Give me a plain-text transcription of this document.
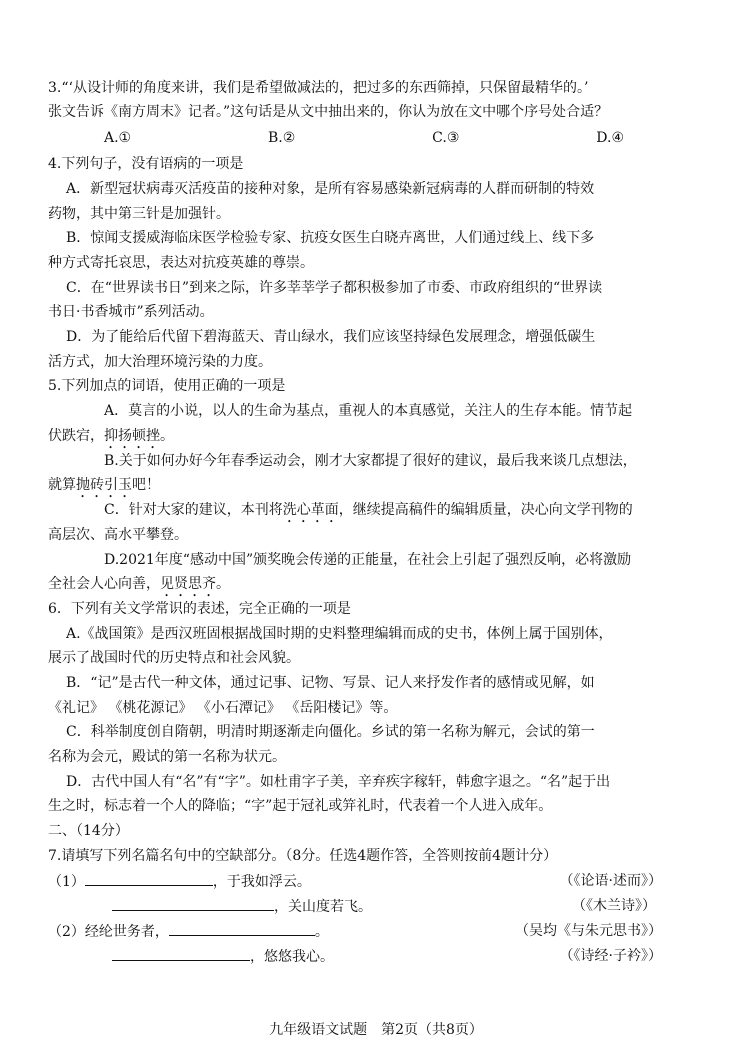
3.“‘从设计师的角度来讲，我们是希望做减法的，把过多的东西筛掉，只保留最精华的。’
张文告诉《南方周末》记者。”这句话是从文中抽出来的，你认为放在文中哪个序号处合适？
A.①	B.②	C.③	D.④
4.下列句子，没有语病的一项是
A．新型冠状病毒灭活疫苗的接种对象，是所有容易感染新冠病毒的人群而研制的特效
药物，其中第三针是加强针。
B．惊闻支援威海临床医学检验专家、抗疫女医生白晓卉离世，人们通过线上、线下多
种方式寄托哀思，表达对抗疫英雄的尊崇。
C．在“世界读书日”到来之际，许多莘莘学子都积极参加了市委、市政府组织的“世界读
书日·书香城市”系列活动。
D．为了能给后代留下碧海蓝天、青山绿水，我们应该坚持绿色发展理念，增强低碳生
活方式，加大治理环境污染的力度。
5.下列加点的词语，使用正确的一项是
A．莫言的小说，以人的生命为基点，重视人的本真感觉，关注人的生存本能。情节起
伏跌宕，抑扬顿挫。
B.关于如何办好今年春季运动会，刚才大家都提了很好的建议，最后我来谈几点想法，
就算抛砖引玉吧！
C．针对大家的建议，本刊将洗心革面，继续提高稿件的编辑质量，决心向文学刊物的
高层次、高水平攀登。
D.2021年度“感动中国”颁奖晚会传递的正能量，在社会上引起了强烈反响，必将激励
全社会人心向善，见贤思齐。
6．下列有关文学常识的表述，完全正确的一项是
A.《战国策》是西汉班固根据战国时期的史料整理编辑而成的史书，体例上属于国别体，
展示了战国时代的历史特点和社会风貌。
B．“记”是古代一种文体，通过记事、记物、写景、记人来抒发作者的感情或见解，如
《礼记》 《桃花源记》 《小石潭记》 《岳阳楼记》等。
C．科举制度创自隋朝，明清时期逐渐走向僵化。乡试的第一名称为解元，会试的第一
名称为会元，殿试的第一名称为状元。
D．古代中国人有“名”有“字”。如杜甫字子美，辛弃疾字稼轩，韩愈字退之。“名”起于出
生之时，标志着一个人的降临；“字”起于冠礼或笄礼时，代表着一个人进入成年。
二、（14分）
7.请填写下列名篇名句中的空缺部分。（8分。任选4题作答，全答则按前4题计分）
（1）	，于我如浮云。	（《论语·述而》）
，关山度若飞。	（《木兰诗》）
（2）经纶世务者，	。	（吴均《与朱元思书》）
，悠悠我心。	（《诗经·子衿》）
九年级语文试题　第2页（共8页）
